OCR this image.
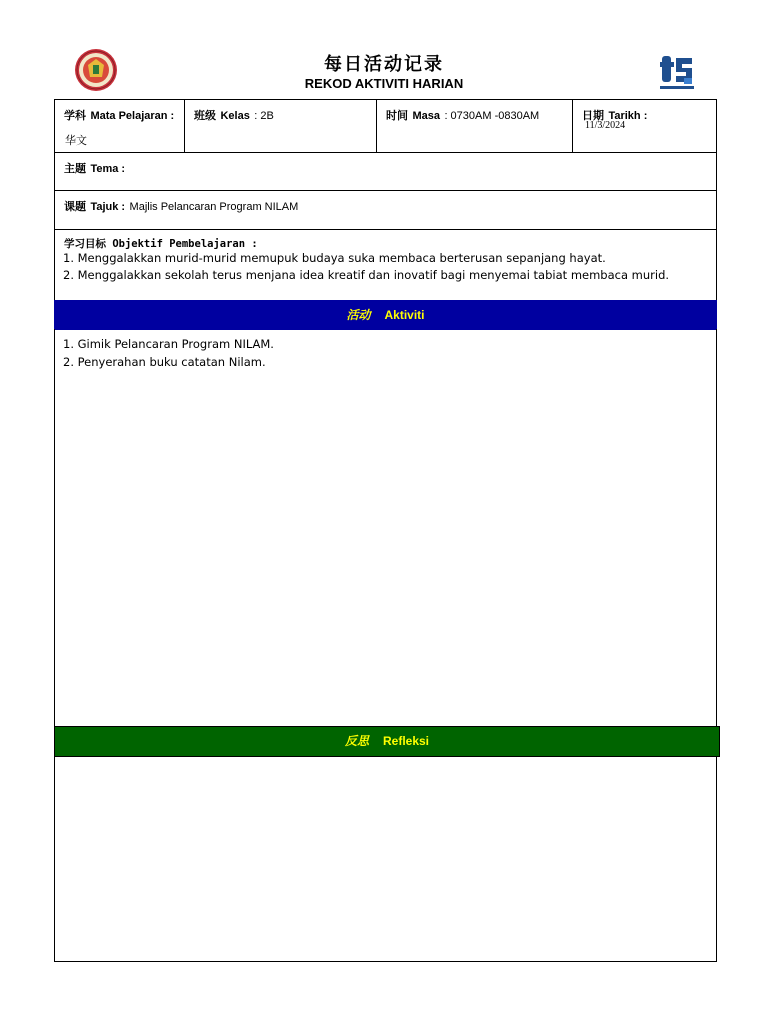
每日活动记录
REKOD AKTIVITI HARIAN
学科 Mata Pelajaran :
华文
班级 Kelas : 2B	时间 Masa : 0730AM -0830AM	日期 Tarikh :
11/3/2024
主题 Tema :
课题 Tajuk : Majlis Pelancaran Program NILAM
学习目标 Objektif Pembelajaran :
1. Menggalakkan murid-murid memupuk budaya suka membaca berterusan sepanjang hayat.
2. Menggalakkan sekolah terus menjana idea kreatif dan inovatif bagi menyemai tabiat membaca murid.
活动 Aktiviti
1. Gimik Pelancaran Program NILAM.
2. Penyerahan buku catatan Nilam.
反思 Refleksi
